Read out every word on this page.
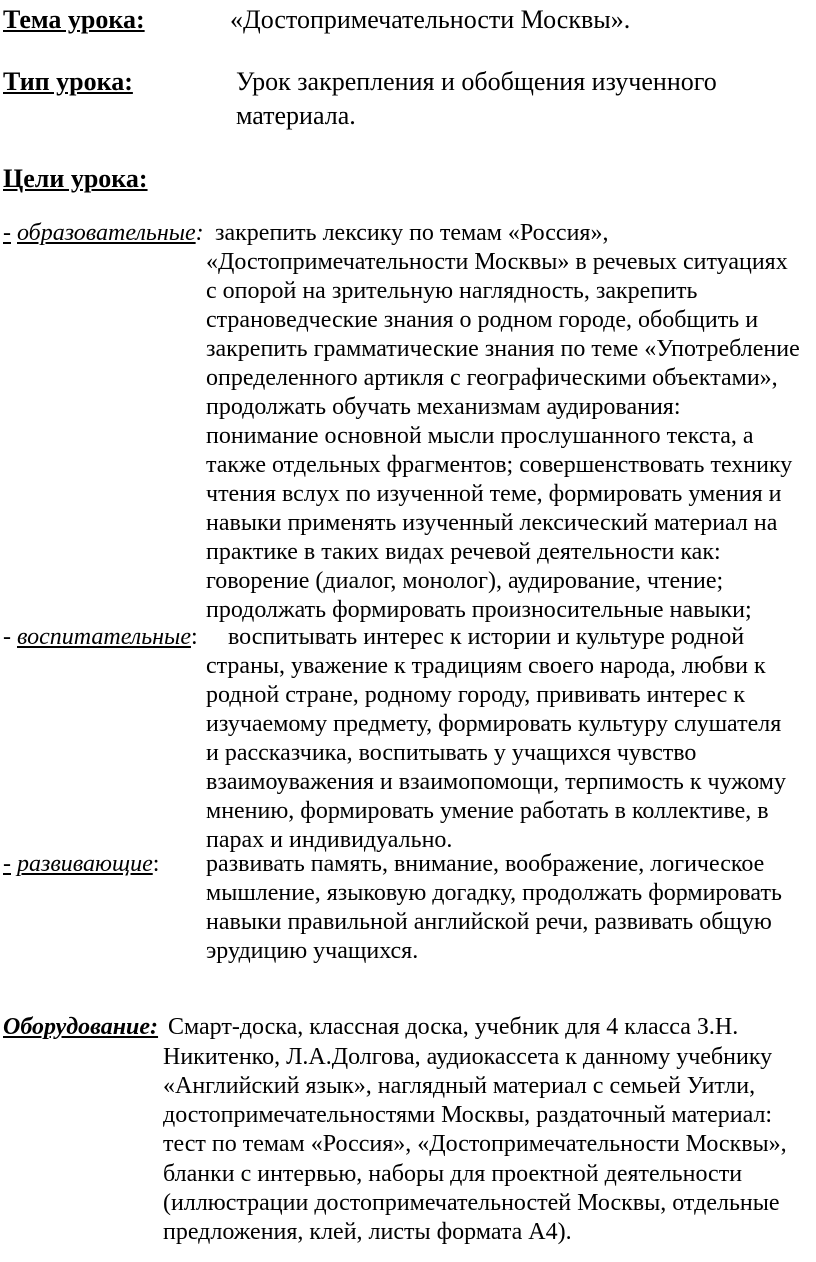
Тема урока:	«Достопримечательности Москвы».
Тип урока:	Урок закрепления и обобщения изученного
материала.
Цели урока:
- образовательные: закрепить лексику по темам «Россия»,
«Достопримечательности Москвы» в речевых ситуациях
с опорой на зрительную наглядность, закрепить
страноведческие знания о родном городе, обобщить и
закрепить грамматические знания по теме «Употребление
определенного артикля с географическими объектами»,
продолжать обучать механизмам аудирования:
понимание основной мысли прослушанного текста, а
также отдельных фрагментов; совершенствовать технику
чтения вслух по изученной теме, формировать умения и
навыки применять изученный лексический материал на
практике в таких видах речевой деятельности как:
говорение (диалог, монолог), аудирование, чтение;
продолжать формировать произносительные навыки;
- воспитательные: воспитывать интерес к истории и культуре родной
страны, уважение к традициям своего народа, любви к
родной стране, родному городу, прививать интерес к
изучаемому предмету, формировать культуру слушателя
и рассказчика, воспитывать у учащихся чувство
взаимоуважения и взаимопомощи, терпимость к чужому
мнению, формировать умение работать в коллективе, в
парах и индивидуально.
- развивающие: развивать память, внимание, воображение, логическое
мышление, языковую догадку, продолжать формировать
навыки правильной английской речи, развивать общую
эрудицию учащихся.
Оборудование: Смарт-доска, классная доска, учебник для 4 класса З.Н.
Никитенко, Л.А.Долгова, аудиокассета к данному учебнику
«Английский язык», наглядный материал с семьей Уитли,
достопримечательностями Москвы, раздаточный материал:
тест по темам «Россия», «Достопримечательности Москвы»,
бланки с интервью, наборы для проектной деятельности
(иллюстрации достопримечательностей Москвы, отдельные
предложения, клей, листы формата А4).
